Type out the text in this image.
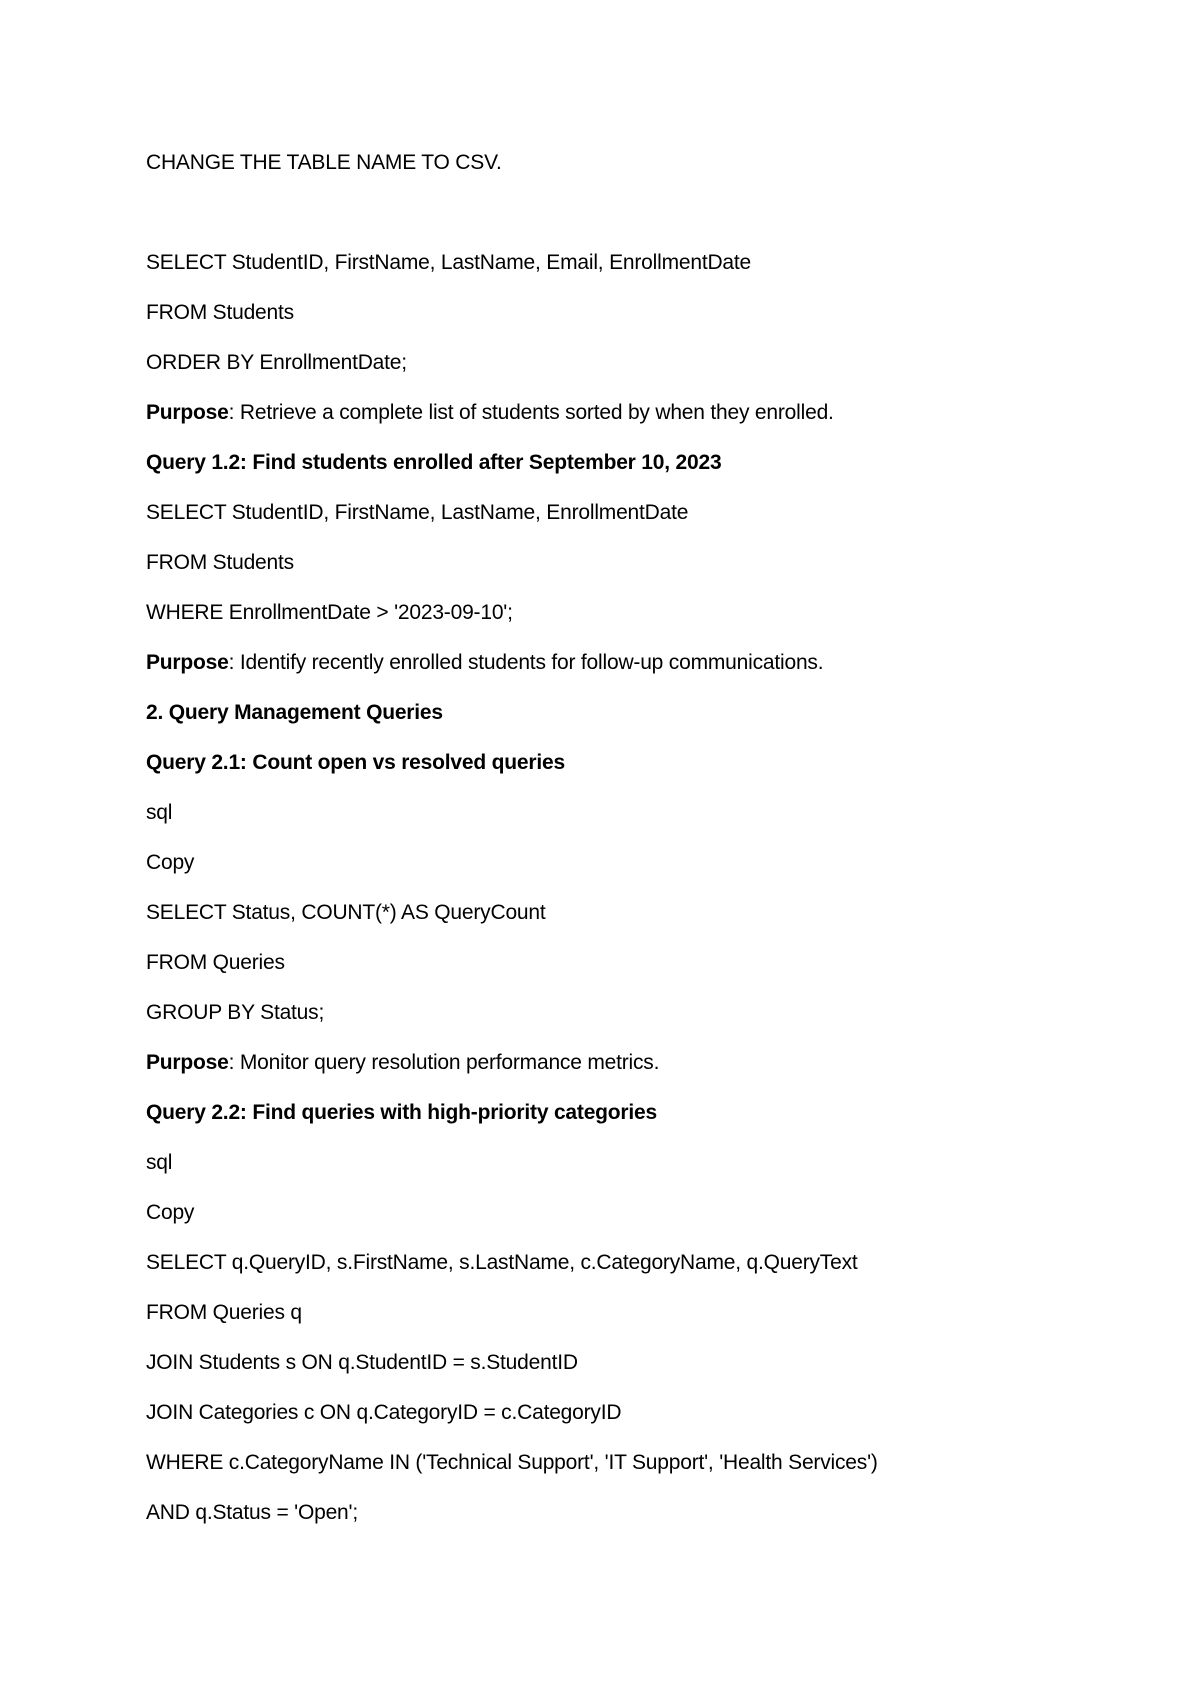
CHANGE THE TABLE NAME TO CSV.
SELECT StudentID, FirstName, LastName, Email, EnrollmentDate
FROM Students
ORDER BY EnrollmentDate;
Purpose: Retrieve a complete list of students sorted by when they enrolled.
Query 1.2: Find students enrolled after September 10, 2023
SELECT StudentID, FirstName, LastName, EnrollmentDate
FROM Students
WHERE EnrollmentDate > '2023-09-10';
Purpose: Identify recently enrolled students for follow-up communications.
2. Query Management Queries
Query 2.1: Count open vs resolved queries
sql
Copy
SELECT Status, COUNT(*) AS QueryCount
FROM Queries
GROUP BY Status;
Purpose: Monitor query resolution performance metrics.
Query 2.2: Find queries with high-priority categories
sql
Copy
SELECT q.QueryID, s.FirstName, s.LastName, c.CategoryName, q.QueryText
FROM Queries q
JOIN Students s ON q.StudentID = s.StudentID
JOIN Categories c ON q.CategoryID = c.CategoryID
WHERE c.CategoryName IN ('Technical Support', 'IT Support', 'Health Services')
AND q.Status = 'Open';
